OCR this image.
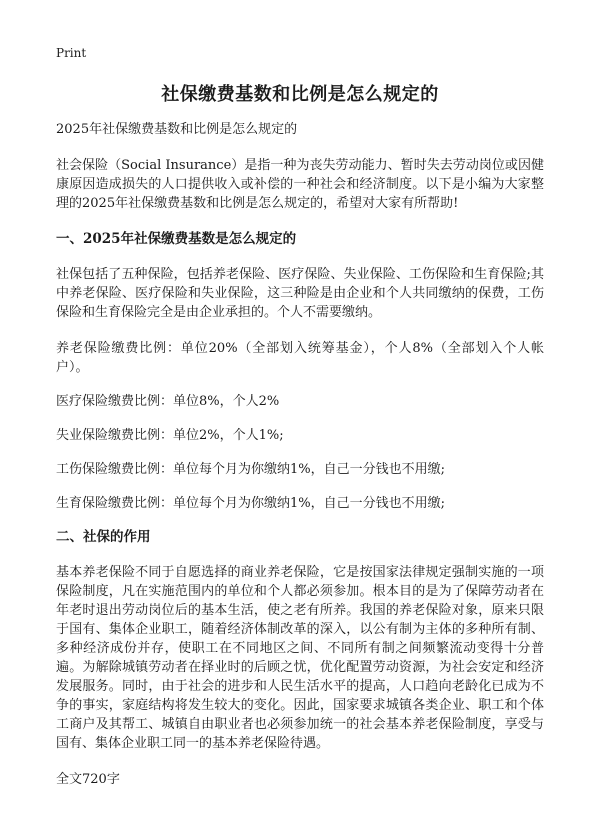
Print
社保缴费基数和比例是怎么规定的

2025年社保缴费基数和比例是怎么规定的

社会保险（Social Insurance）是指一种为丧失劳动能力、暂时失去劳动岗位或因健康原因造成损失的人口提供收入或补偿的一种社会和经济制度。以下是小编为大家整理的2025年社保缴费基数和比例是怎么规定的，希望对大家有所帮助!

一、2025年社保缴费基数是怎么规定的

社保包括了五种保险，包括养老保险、医疗保险、失业保险、工伤保险和生育保险;其中养老保险、医疗保险和失业保险，这三种险是由企业和个人共同缴纳的保费，工伤保险和生育保险完全是由企业承担的。个人不需要缴纳。

养老保险缴费比例：单位20%（全部划入统筹基金），个人8%（全部划入个人帐户）。

医疗保险缴费比例：单位8%，个人2%

失业保险缴费比例：单位2%，个人1%;

工伤保险缴费比例：单位每个月为你缴纳1%，自己一分钱也不用缴;

生育保险缴费比例：单位每个月为你缴纳1%，自己一分钱也不用缴;

二、社保的作用

基本养老保险不同于自愿选择的商业养老保险，它是按国家法律规定强制实施的一项保险制度，凡在实施范围内的单位和个人都必须参加。根本目的是为了保障劳动者在年老时退出劳动岗位后的基本生活，使之老有所养。我国的养老保险对象，原来只限于国有、集体企业职工，随着经济体制改革的深入，以公有制为主体的多种所有制、多种经济成份并存，使职工在不同地区之间、不同所有制之间频繁流动变得十分普遍。为解除城镇劳动者在择业时的后顾之忧，优化配置劳动资源，为社会安定和经济发展服务。同时，由于社会的进步和人民生活水平的提高，人口趋向老龄化已成为不争的事实，家庭结构将发生较大的变化。因此，国家要求城镇各类企业、职工和个体工商户及其帮工、城镇自由职业者也必须参加统一的社会基本养老保险制度，享受与国有、集体企业职工同一的基本养老保险待遇。

全文720字
